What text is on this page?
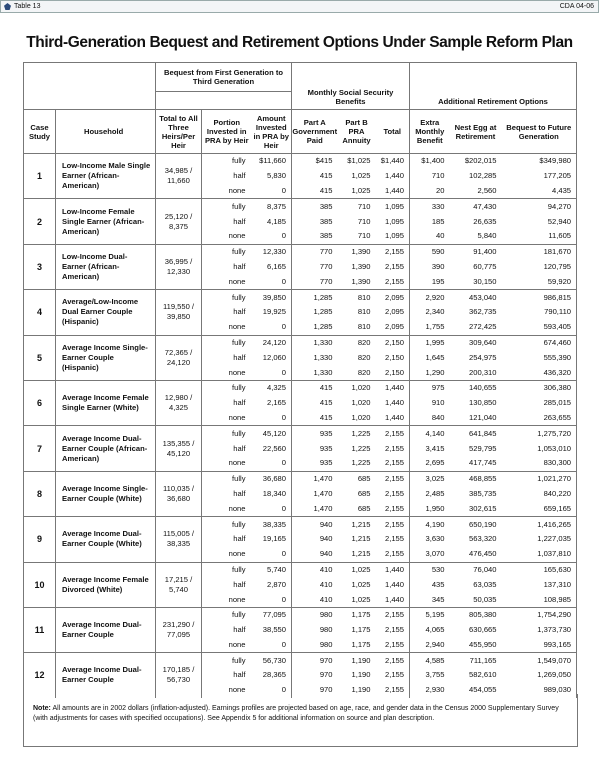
Table 13	CDA 04-06
Third-Generation Bequest and Retirement Options Under Sample Reform Plan
		Bequest from First Generation to Third Generation			Monthly Social Security Benefits			Additional Retirement Options		

Case Study	Household	Total to All Three Heirs/Per Heir	Portion Invested in PRA by Heir	Amount Invested in PRA by Heir	Part A Government Paid	Part B PRA Annuity	Total	Extra Monthly Benefit	Nest Egg at Retirement	Bequest to Future Generation
1	Low-Income Male Single Earner (African-American)	34,985 / 11,660	fully	$11,660	$415	$1,025	$1,440	$1,400	$202,015	$349,980
			half	5,830	415	1,025	1,440	710	102,285	177,205
			none	0	415	1,025	1,440	20	2,560	4,435
2	Low-Income Female Single Earner (African-American)	25,120 / 8,375	fully	8,375	385	710	1,095	330	47,430	94,270
			half	4,185	385	710	1,095	185	26,635	52,940
			none	0	385	710	1,095	40	5,840	11,605
3	Low-Income Dual-Earner (African-American)	36,995 / 12,330	fully	12,330	770	1,390	2,155	590	91,400	181,670
			half	6,165	770	1,390	2,155	390	60,775	120,795
			none	0	770	1,390	2,155	195	30,150	59,920
4	Average/Low-Income Dual Earner Couple (Hispanic)	119,550 / 39,850	fully	39,850	1,285	810	2,095	2,920	453,040	986,815
			half	19,925	1,285	810	2,095	2,340	362,735	790,110
			none	0	1,285	810	2,095	1,755	272,425	593,405
5	Average Income Single-Earner Couple (Hispanic)	72,365 / 24,120	fully	24,120	1,330	820	2,150	1,995	309,640	674,460
			half	12,060	1,330	820	2,150	1,645	254,975	555,390
			none	0	1,330	820	2,150	1,290	200,310	436,320
6	Average Income Female Single Earner (White)	12,980 / 4,325	fully	4,325	415	1,020	1,440	975	140,655	306,380
			half	2,165	415	1,020	1,440	910	130,850	285,015
			none	0	415	1,020	1,440	840	121,040	263,655
7	Average Income Dual-Earner Couple (African-American)	135,355 / 45,120	fully	45,120	935	1,225	2,155	4,140	641,845	1,275,720
			half	22,560	935	1,225	2,155	3,415	529,795	1,053,010
			none	0	935	1,225	2,155	2,695	417,745	830,300
8	Average Income Single-Earner Couple (White)	110,035 / 36,680	fully	36,680	1,470	685	2,155	3,025	468,855	1,021,270
			half	18,340	1,470	685	2,155	2,485	385,735	840,220
			none	0	1,470	685	2,155	1,950	302,615	659,165
9	Average Income Dual-Earner Couple (White)	115,005 / 38,335	fully	38,335	940	1,215	2,155	4,190	650,190	1,416,265
			half	19,165	940	1,215	2,155	3,630	563,320	1,227,035
			none	0	940	1,215	2,155	3,070	476,450	1,037,810
10	Average Income Female Divorced (White)	17,215 / 5,740	fully	5,740	410	1,025	1,440	530	76,040	165,630
			half	2,870	410	1,025	1,440	435	63,035	137,310
			none	0	410	1,025	1,440	345	50,035	108,985
11	Average Income Dual-Earner Couple	231,290 / 77,095	fully	77,095	980	1,175	2,155	5,195	805,380	1,754,290
			half	38,550	980	1,175	2,155	4,065	630,665	1,373,730
			none	0	980	1,175	2,155	2,940	455,950	993,165
12	Average Income Dual-Earner Couple	170,185 / 56,730	fully	56,730	970	1,190	2,155	4,585	711,165	1,549,070
			half	28,365	970	1,190	2,155	3,755	582,610	1,269,050
			none	0	970	1,190	2,155	2,930	454,055	989,030
Note: All amounts are in 2002 dollars (inflation-adjusted). Earnings profiles are projected based on age, race, and gender data in the Census 2000 Supplementary Survey (with adjustments for cases with specified occupations). See Appendix 5 for additional information on source and plan description.
